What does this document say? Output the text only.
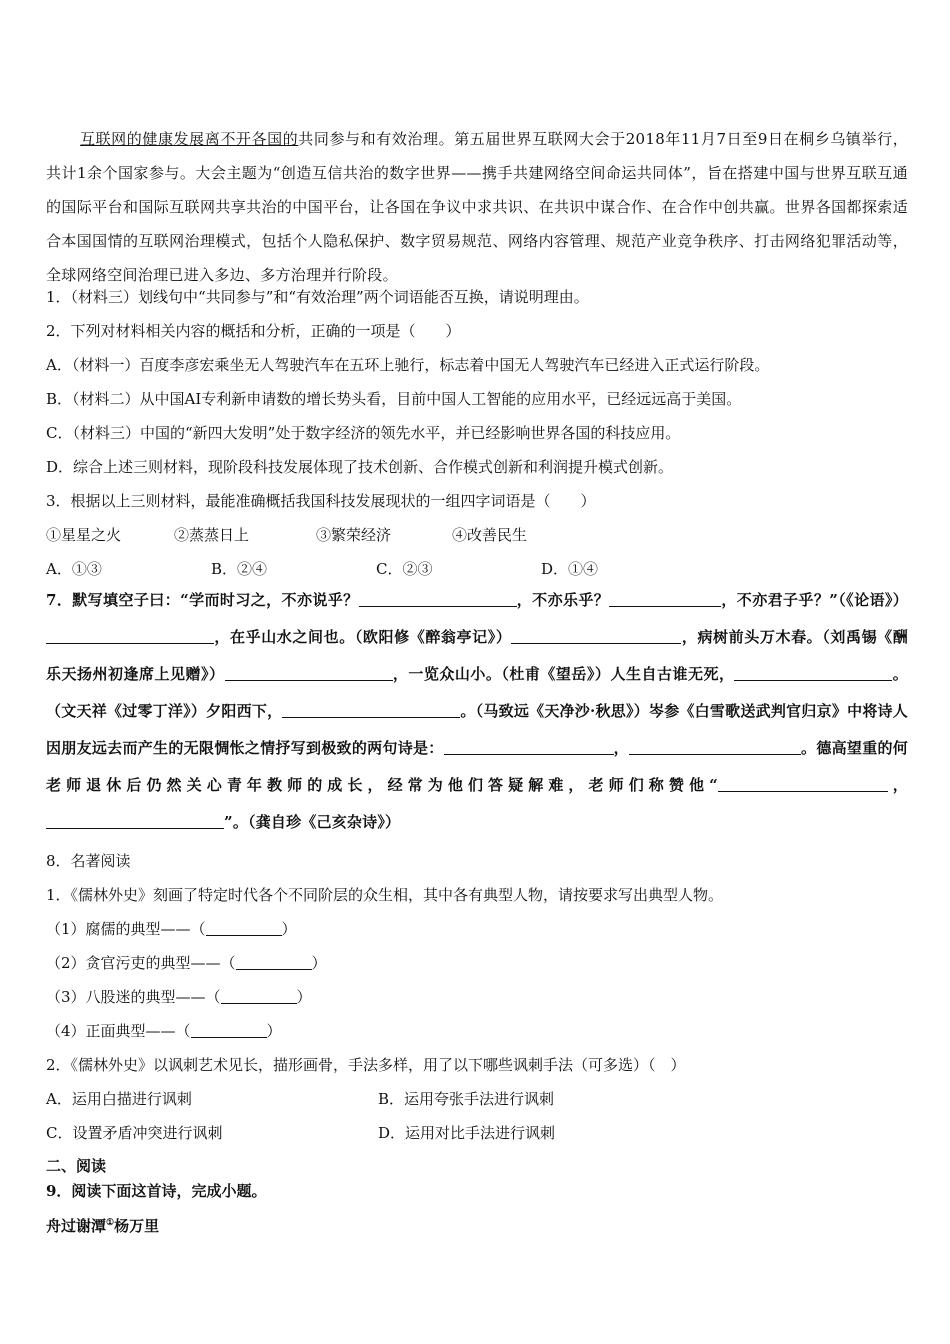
互联网的健康发展离不开各国的共同参与和有效治理。第五届世界互联网大会于2018年11月7日至9日在桐乡乌镇举行，共计1余个国家参与。大会主题为“创造互信共治的数字世界——携手共建网络空间命运共同体”，旨在搭建中国与世界互联互通的国际平台和国际互联网共享共治的中国平台，让各国在争议中求共识、在共识中谋合作、在合作中创共赢。世界各国都探索适合本国国情的互联网治理模式，包括个人隐私保护、数字贸易规范、网络内容管理、规范产业竞争秩序、打击网络犯罪活动等，全球网络空间治理已进入多边、多方治理并行阶段。
1．（材料三）划线句中“共同参与”和“有效治理”两个词语能否互换，请说明理由。
2．下列对材料相关内容的概括和分析，正确的一项是（　　）
A．（材料一）百度李彦宏乘坐无人驾驶汽车在五环上驰行，标志着中国无人驾驶汽车已经进入正式运行阶段。
B．（材料二）从中国AI专利新申请数的增长势头看，目前中国人工智能的应用水平，已经远远高于美国。
C．（材料三）中国的“新四大发明”处于数字经济的领先水平，并已经影响世界各国的科技应用。
D．综合上述三则材料，现阶段科技发展体现了技术创新、合作模式创新和利润提升模式创新。
3．根据以上三则材料，最能准确概括我国科技发展现状的一组四字词语是（　　）
①星星之火	②蒸蒸日上	③繁荣经济	④改善民生
A．①③	B．②④	C．②③	D．①④
7．默写填空子曰：“学而时习之，不亦说乎？	，不亦乐乎？	，不亦君子乎？”（《论语》），在乎山水之间也。（欧阳修《醉翁亭记》）	，病树前头万木春。（刘禹锡《酬乐天扬州初逢席上见赠》）	，一览众山小。（杜甫《望岳》）人生自古谁无死，	。（文天祥《过零丁洋》）夕阳西下，	。（马致远《天净沙·秋思》）岑参《白雪歌送武判官归京》中将诗人因朋友远去而产生的无限惆怅之情抒写到极致的两句诗是：	，	。德高望重的何老师退休后仍然关心青年教师的成长，经常为他们答疑解难，老师们称赞他“	，”。（龚自珍《己亥杂诗》）
8．名著阅读
1．《儒林外史》刻画了特定时代各个不同阶层的众生相，其中各有典型人物，请按要求写出典型人物。
（1）腐儒的典型——（	）
（2）贪官污吏的典型——（	）
（3）八股迷的典型——（	）
（4）正面典型——（	）
2．《儒林外史》以讽刺艺术见长，描形画骨，手法多样，用了以下哪些讽刺手法（可多选）（　）
A．运用白描进行讽刺	B．运用夸张手法进行讽刺
C．设置矛盾冲突进行讽刺	D．运用对比手法进行讽刺
二、阅读
9．阅读下面这首诗，完成小题。
舟过谢潭①杨万里
